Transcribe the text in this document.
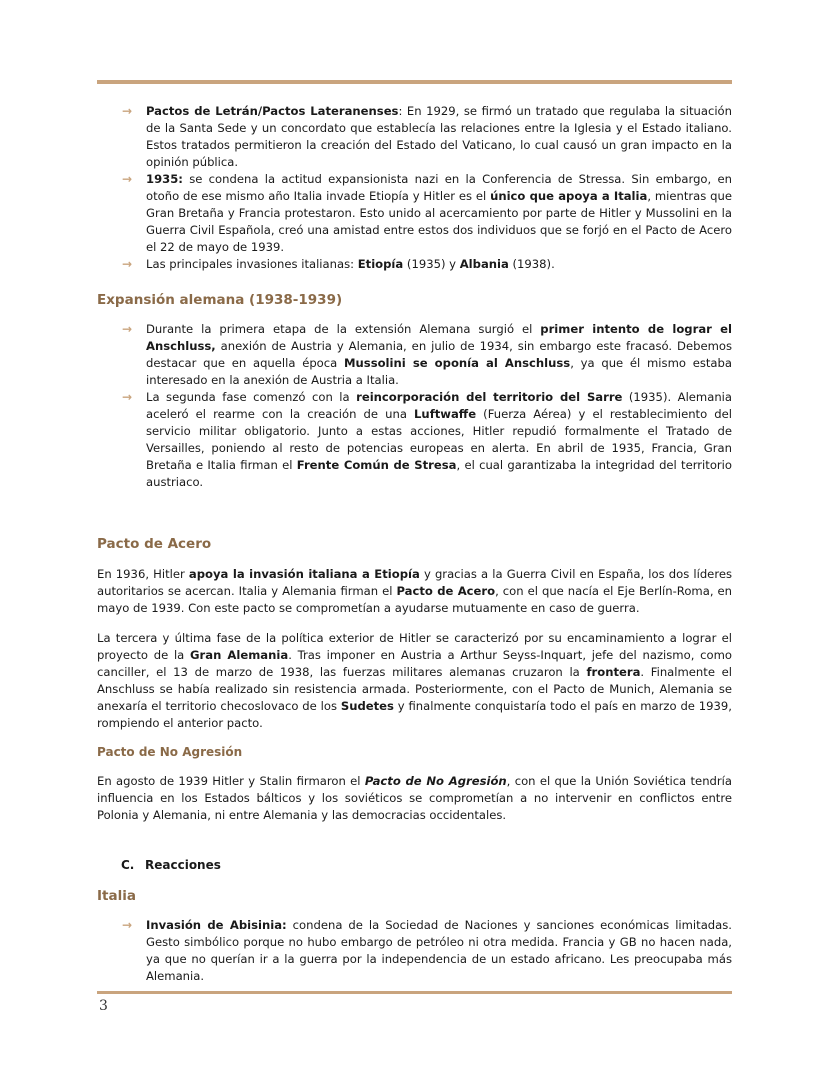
→ Pactos de Letrán/Pactos Lateranenses: En 1929, se firmó un tratado que regulaba la situación de la Santa Sede y un concordato que establecía las relaciones entre la Iglesia y el Estado italiano. Estos tratados permitieron la creación del Estado del Vaticano, lo cual causó un gran impacto en la opinión pública.
→ 1935: se condena la actitud expansionista nazi en la Conferencia de Stressa. Sin embargo, en otoño de ese mismo año Italia invade Etiopía y Hitler es el único que apoya a Italia, mientras que Gran Bretaña y Francia protestaron. Esto unido al acercamiento por parte de Hitler y Mussolini en la Guerra Civil Española, creó una amistad entre estos dos individuos que se forjó en el Pacto de Acero el 22 de mayo de 1939.
→ Las principales invasiones italianas: Etiopía (1935) y Albania (1938).
Expansión alemana (1938-1939)
→ Durante la primera etapa de la extensión Alemana surgió el primer intento de lograr el Anschluss, anexión de Austria y Alemania, en julio de 1934, sin embargo este fracasó. Debemos destacar que en aquella época Mussolini se oponía al Anschluss, ya que él mismo estaba interesado en la anexión de Austria a Italia.
→ La segunda fase comenzó con la reincorporación del territorio del Sarre (1935). Alemania aceleró el rearme con la creación de una Luftwaffe (Fuerza Aérea) y el restablecimiento del servicio militar obligatorio. Junto a estas acciones, Hitler repudió formalmente el Tratado de Versailles, poniendo al resto de potencias europeas en alerta. En abril de 1935, Francia, Gran Bretaña e Italia firman el Frente Común de Stresa, el cual garantizaba la integridad del territorio austriaco.
Pacto de Acero

En 1936, Hitler apoya la invasión italiana a Etiopía y gracias a la Guerra Civil en España, los dos líderes autoritarios se acercan. Italia y Alemania firman el Pacto de Acero, con el que nacía el Eje Berlín-Roma, en mayo de 1939. Con este pacto se comprometían a ayudarse mutuamente en caso de guerra.

La tercera y última fase de la política exterior de Hitler se caracterizó por su encaminamiento a lograr el proyecto de la Gran Alemania. Tras imponer en Austria a Arthur Seyss-Inquart, jefe del nazismo, como canciller, el 13 de marzo de 1938, las fuerzas militares alemanas cruzaron la frontera. Finalmente el Anschluss se había realizado sin resistencia armada. Posteriormente, con el Pacto de Munich, Alemania se anexaría el territorio checoslovaco de los Sudetes y finalmente conquistaría todo el país en marzo de 1939, rompiendo el anterior pacto.

Pacto de No Agresión

En agosto de 1939 Hitler y Stalin firmaron el Pacto de No Agresión, con el que la Unión Soviética tendría influencia en los Estados bálticos y los soviéticos se comprometían a no intervenir en conflictos entre Polonia y Alemania, ni entre Alemania y las democracias occidentales.

C. Reacciones
Italia
→ Invasión de Abisinia: condena de la Sociedad de Naciones y sanciones económicas limitadas. Gesto simbólico porque no hubo embargo de petróleo ni otra medida. Francia y GB no hacen nada, ya que no querían ir a la guerra por la independencia de un estado africano. Les preocupaba más Alemania.
3
